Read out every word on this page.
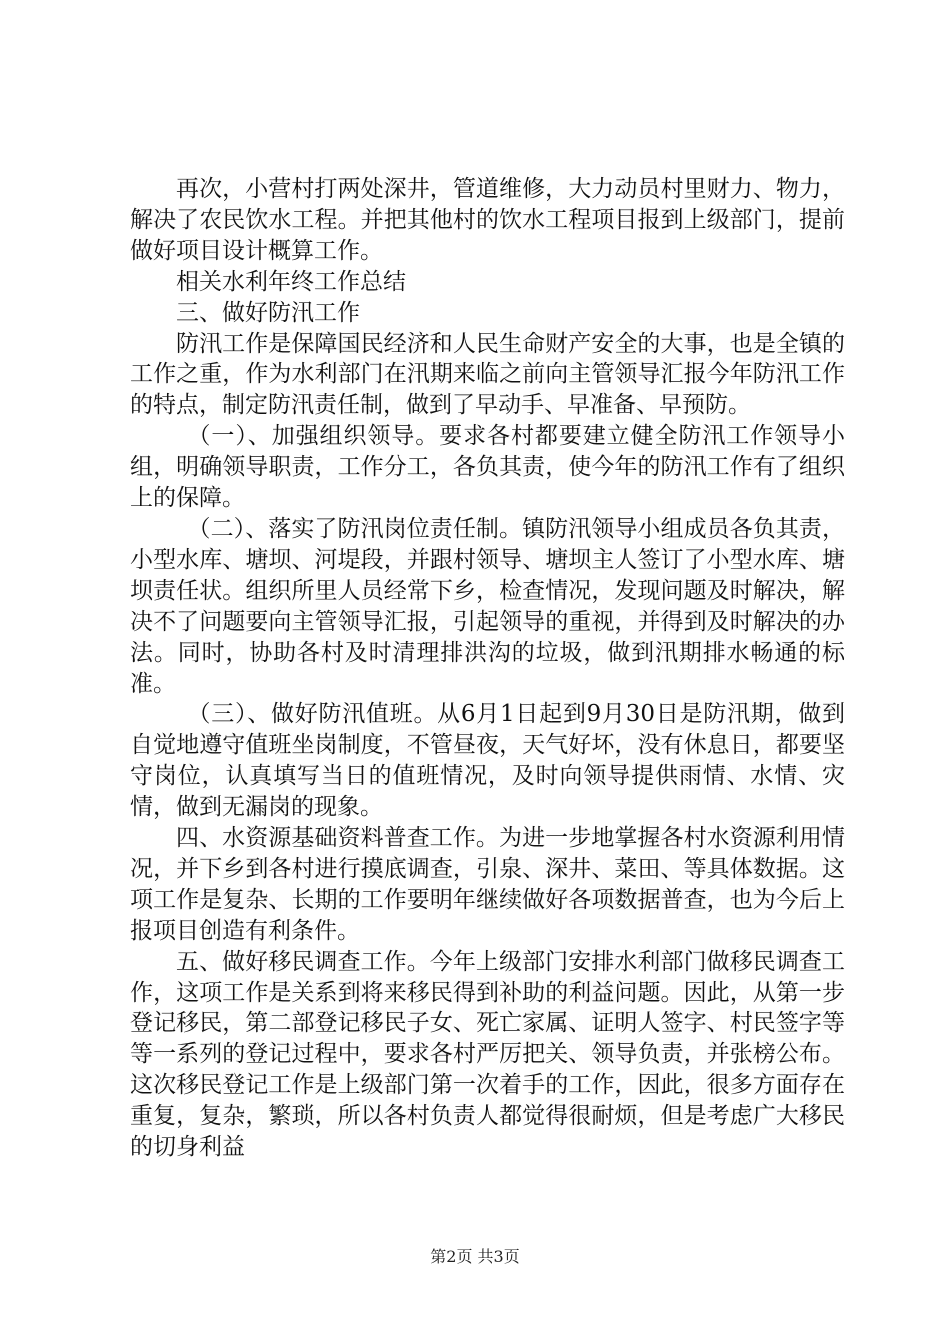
再次，小营村打两处深井，管道维修，大力动员村里财力、物力，解决了农民饮水工程。并把其他村的饮水工程项目报到上级部门，提前做好项目设计概算工作。

相关水利年终工作总结

三、做好防汛工作

防汛工作是保障国民经济和人民生命财产安全的大事，也是全镇的工作之重，作为水利部门在汛期来临之前向主管领导汇报今年防汛工作的特点，制定防汛责任制，做到了早动手、早准备、早预防。

（一）、加强组织领导。要求各村都要建立健全防汛工作领导小组，明确领导职责，工作分工，各负其责，使今年的防汛工作有了组织上的保障。

（二）、落实了防汛岗位责任制。镇防汛领导小组成员各负其责，小型水库、塘坝、河堤段，并跟村领导、塘坝主人签订了小型水库、塘坝责任状。组织所里人员经常下乡，检查情况，发现问题及时解决，解决不了问题要向主管领导汇报，引起领导的重视，并得到及时解决的办法。同时，协助各村及时清理排洪沟的垃圾，做到汛期排水畅通的标准。

（三）、做好防汛值班。从6月1日起到9月30日是防汛期，做到自觉地遵守值班坐岗制度，不管昼夜，天气好坏，没有休息日，都要坚守岗位，认真填写当日的值班情况，及时向领导提供雨情、水情、灾情，做到无漏岗的现象。

四、水资源基础资料普查工作。为进一步地掌握各村水资源利用情况，并下乡到各村进行摸底调查，引泉、深井、菜田、等具体数据。这项工作是复杂、长期的工作要明年继续做好各项数据普查，也为今后上报项目创造有利条件。

五、做好移民调查工作。今年上级部门安排水利部门做移民调查工作，这项工作是关系到将来移民得到补助的利益问题。因此，从第一步登记移民，第二部登记移民子女、死亡家属、证明人签字、村民签字等等一系列的登记过程中，要求各村严厉把关、领导负责，并张榜公布。这次移民登记工作是上级部门第一次着手的工作，因此，很多方面存在重复，复杂，繁琐，所以各村负责人都觉得很耐烦，但是考虑广大移民的切身利益

第2页 共3页
